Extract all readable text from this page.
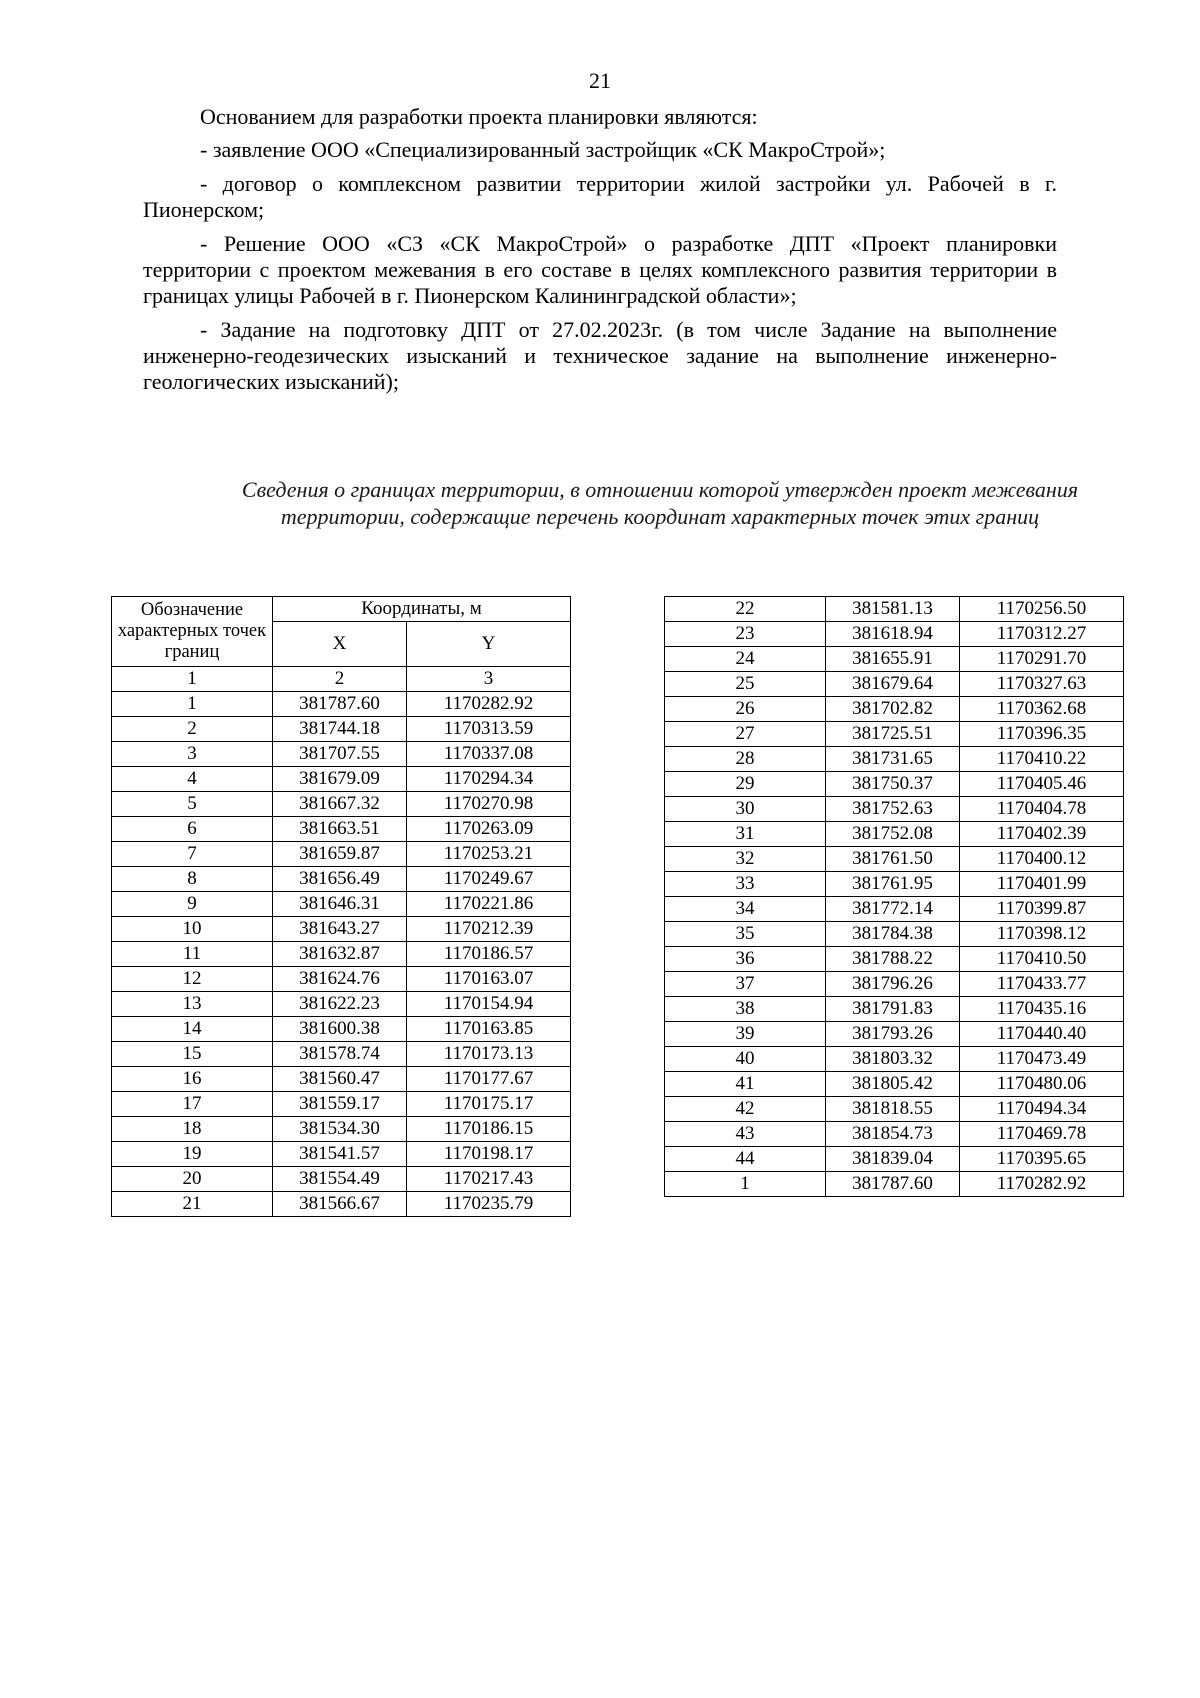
21

Основанием для разработки проекта планировки являются:

- заявление ООО «Специализированный застройщик «СК МакроСтрой»;

- договор о комплексном развитии территории жилой застройки ул. Рабочей в г. Пионерском;

- Решение ООО «СЗ «СК МакроСтрой» о разработке ДПТ «Проект планировки территории с проектом межевания в его составе в целях комплексного развития территории в границах улицы Рабочей в г. Пионерском Калининградской области»;

- Задание на подготовку ДПТ от 27.02.2023г. (в том числе Задание на выполнение инженерно-геодезических изысканий и техническое задание на выполнение инженерно-геологических изысканий);

Сведения о границах территории, в отношении которой утвержден проект межевания территории, содержащие перечень координат характерных точек этих границ
Обозначение характерных точек границ	Координаты, м	
	X	Y
1	2	3
1	381787.60	1170282.92
2	381744.18	1170313.59
3	381707.55	1170337.08
4	381679.09	1170294.34
5	381667.32	1170270.98
6	381663.51	1170263.09
7	381659.87	1170253.21
8	381656.49	1170249.67
9	381646.31	1170221.86
10	381643.27	1170212.39
11	381632.87	1170186.57
12	381624.76	1170163.07
13	381622.23	1170154.94
14	381600.38	1170163.85
15	381578.74	1170173.13
16	381560.47	1170177.67
17	381559.17	1170175.17
18	381534.30	1170186.15
19	381541.57	1170198.17
20	381554.49	1170217.43
21	381566.67	1170235.79
22	381581.13	1170256.50
23	381618.94	1170312.27
24	381655.91	1170291.70
25	381679.64	1170327.63
26	381702.82	1170362.68
27	381725.51	1170396.35
28	381731.65	1170410.22
29	381750.37	1170405.46
30	381752.63	1170404.78
31	381752.08	1170402.39
32	381761.50	1170400.12
33	381761.95	1170401.99
34	381772.14	1170399.87
35	381784.38	1170398.12
36	381788.22	1170410.50
37	381796.26	1170433.77
38	381791.83	1170435.16
39	381793.26	1170440.40
40	381803.32	1170473.49
41	381805.42	1170480.06
42	381818.55	1170494.34
43	381854.73	1170469.78
44	381839.04	1170395.65
1	381787.60	1170282.92
